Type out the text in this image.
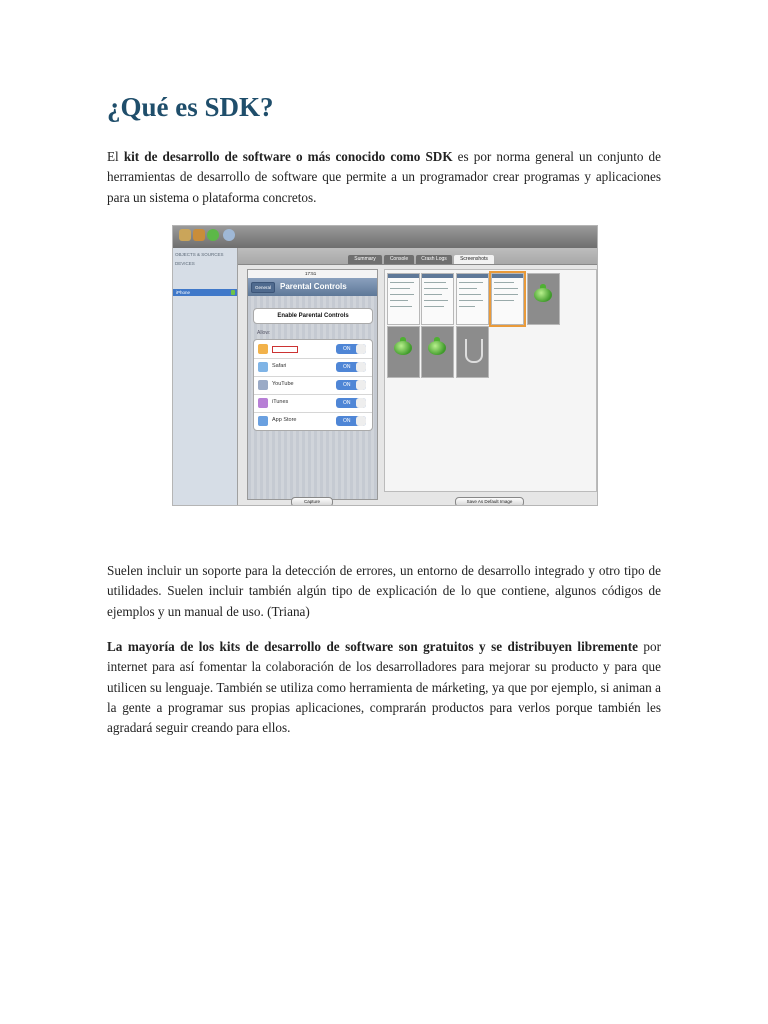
¿Qué es SDK?

El kit de desarrollo de software o más conocido como SDK es por norma general un conjunto de herramientas de desarrollo de software que permite a un programador crear programas y aplicaciones para un sistema o plataforma concretos.

OBJECTS & SOURCES
DEVICES
iPhone
Summary	Console	Crash Logs	Screenshots
17:51
General	Parental Controls
Enable Parental Controls
Allow:
ON
Safari	ON
YouTube	ON
iTunes	ON
App Store	ON
Capture	Save As Default Image

Suelen incluir un soporte para la detección de errores, un entorno de desarrollo integrado y otro tipo de utilidades. Suelen incluir también algún tipo de explicación de lo que contiene, algunos códigos de ejemplos y un manual de uso. (Triana)

La mayoría de los kits de desarrollo de software son gratuitos y se distribuyen libremente por internet para así fomentar la colaboración de los desarrolladores para mejorar su producto y para que utilicen su lenguaje. También se utiliza como herramienta de márketing, ya que por ejemplo, si animan a la gente a programar sus propias aplicaciones, comprarán productos para verlos porque también les agradará seguir creando para ellos.
